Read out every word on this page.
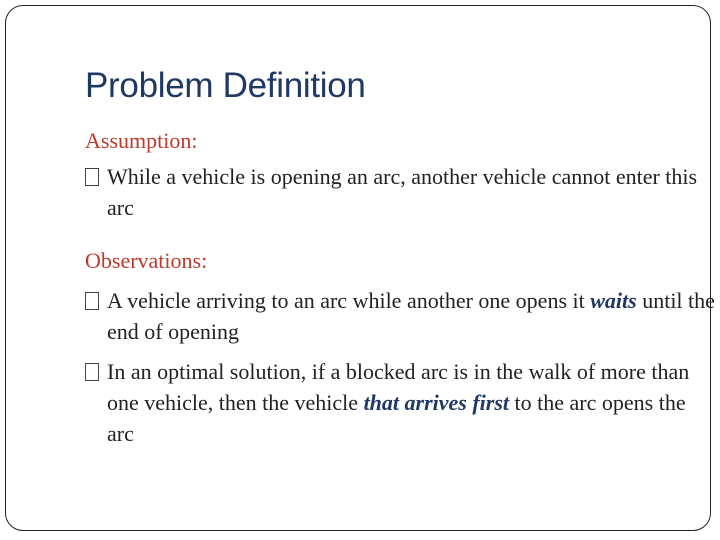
Problem Definition

Assumption:

While a vehicle is opening an arc, another vehicle cannot enter this arc

Observations:

A vehicle arriving to an arc while another one opens it waits until the end of opening

In an optimal solution, if a blocked arc is in the walk of more than one vehicle, then the vehicle that arrives first to the arc opens the arc
